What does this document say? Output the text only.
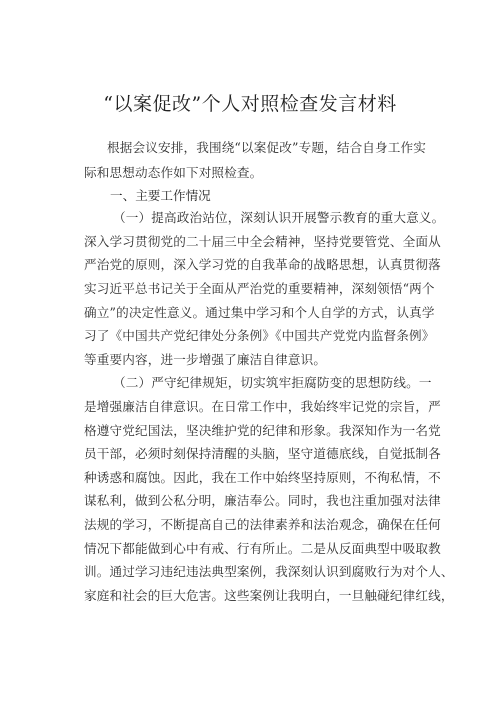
“以案促改”个人对照检查发言材料
根据会议安排，我围绕“以案促改”专题，结合自身工作实
际和思想动态作如下对照检查。
一、主要工作情况
（一）提高政治站位，深刻认识开展警示教育的重大意义。
深入学习贯彻党的二十届三中全会精神，坚持党要管党、全面从
严治党的原则，深入学习党的自我革命的战略思想，认真贯彻落
实习近平总书记关于全面从严治党的重要精神，深刻领悟“两个
确立”的决定性意义。通过集中学习和个人自学的方式，认真学
习了《中国共产党纪律处分条例》《中国共产党党内监督条例》
等重要内容，进一步增强了廉洁自律意识。
（二）严守纪律规矩，切实筑牢拒腐防变的思想防线。一
是增强廉洁自律意识。在日常工作中，我始终牢记党的宗旨，严
格遵守党纪国法，坚决维护党的纪律和形象。我深知作为一名党
员干部，必须时刻保持清醒的头脑，坚守道德底线，自觉抵制各
种诱惑和腐蚀。因此，我在工作中始终坚持原则，不徇私情，不
谋私利，做到公私分明，廉洁奉公。同时，我也注重加强对法律
法规的学习，不断提高自己的法律素养和法治观念，确保在任何
情况下都能做到心中有戒、行有所止。二是从反面典型中吸取教
训。通过学习违纪违法典型案例，我深刻认识到腐败行为对个人、
家庭和社会的巨大危害。这些案例让我明白，一旦触碰纪律红线，
